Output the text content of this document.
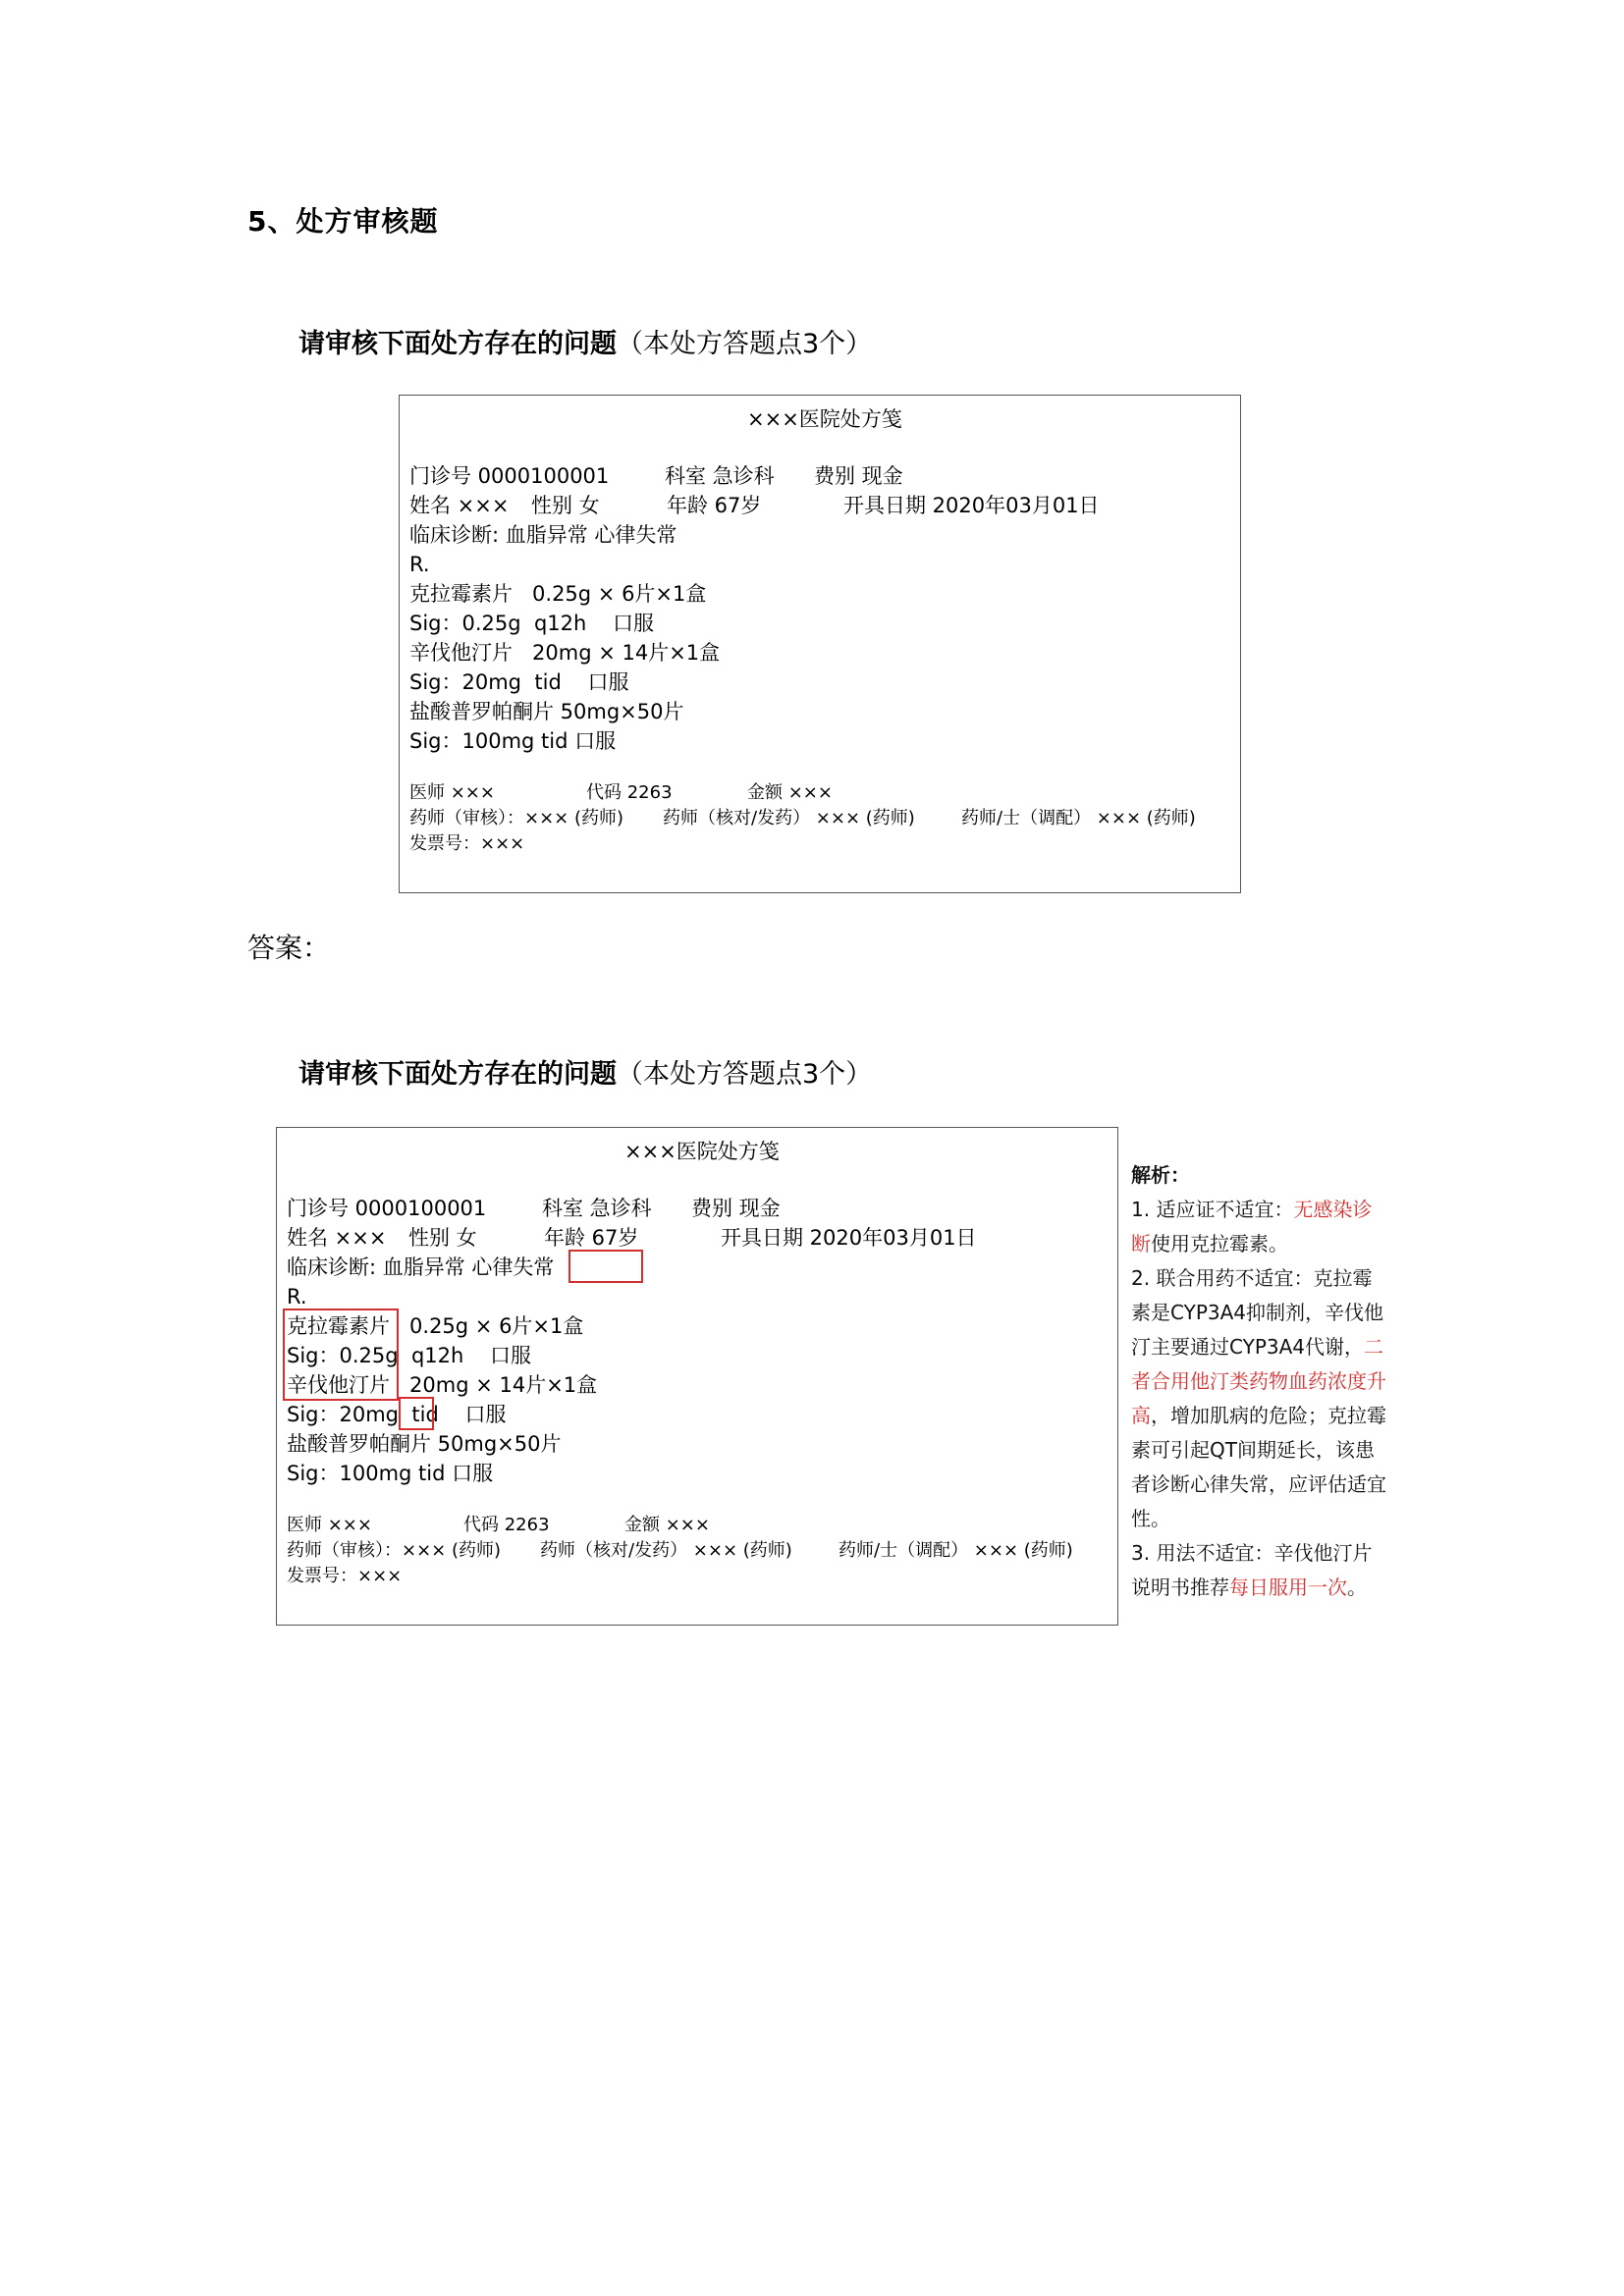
5、处方审核题
请审核下面处方存在的问题（本处方答题点3个）
×××医院处方笺
门诊号 0000100001	科室 急诊科 费别 现金
姓名 ××× 性别 女	年龄 67岁	开具日期 2020年03月01日
临床诊断: 血脂异常 心律失常
R.
克拉霉素片 0.25g × 6片×1盒
Sig：0.25g q12h 口服
辛伐他汀片 20mg × 14片×1盒
Sig：20mg tid 口服
盐酸普罗帕酮片 50mg×50片
Sig：100mg tid 口服
医师 ×××	代码 2263	金额 ×××
药师（审核）：××× (药师) 药师（核对/发药） ××× (药师)	药师/士（调配） ××× (药师)
发票号：×××
答案：
请审核下面处方存在的问题（本处方答题点3个）
×××医院处方笺
门诊号 0000100001	科室 急诊科 费别 现金
姓名 ××× 性别 女	年龄 67岁	开具日期 2020年03月01日
临床诊断: 血脂异常 心律失常
R.
克拉霉素片 0.25g × 6片×1盒
Sig：0.25g q12h 口服
辛伐他汀片 20mg × 14片×1盒
Sig：20mg tid 口服
盐酸普罗帕酮片 50mg×50片
Sig：100mg tid 口服
医师 ×××	代码 2263	金额 ×××
药师（审核）：××× (药师) 药师（核对/发药） ××× (药师)	药师/士（调配） ××× (药师)
发票号：×××
解析：
1. 适应证不适宜：无感染诊断使用克拉霉素。
2. 联合用药不适宜：克拉霉素是CYP3A4抑制剂，辛伐他汀主要通过CYP3A4代谢，二者合用他汀类药物血药浓度升高，增加肌病的危险；克拉霉素可引起QT间期延长，该患者诊断心律失常，应评估适宜性。
3. 用法不适宜：辛伐他汀片说明书推荐每日服用一次。
